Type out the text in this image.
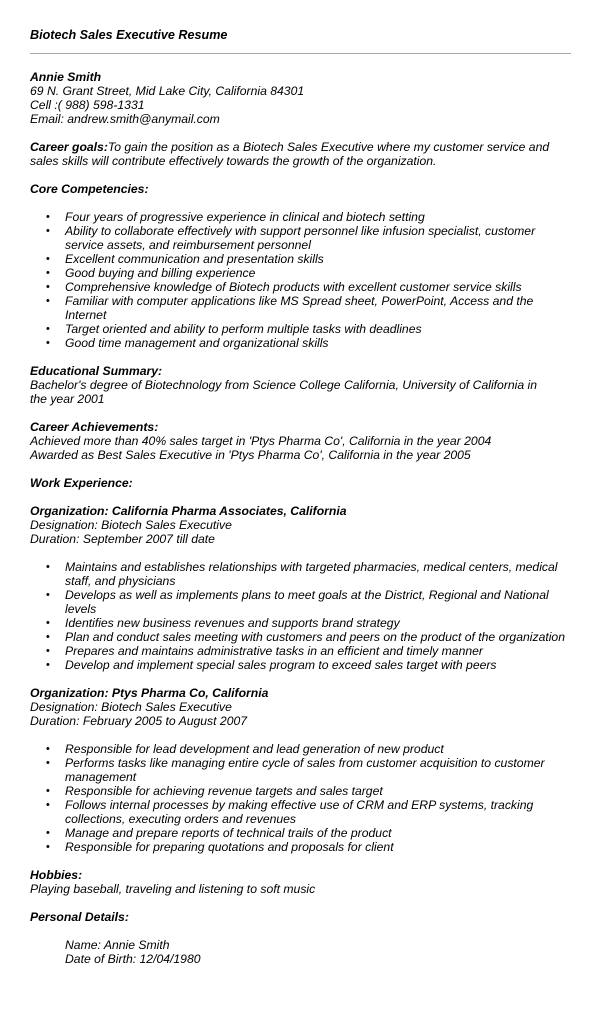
Biotech Sales Executive Resume
Annie Smith
69 N. Grant Street, Mid Lake City, California 84301
Cell :( 988) 598-1331
Email: andrew.smith@anymail.com
Career goals:To gain the position as a Biotech Sales Executive where my customer service and sales skills will contribute effectively towards the growth of the organization.
Core Competencies:
• Four years of progressive experience in clinical and biotech setting
• Ability to collaborate effectively with support personnel like infusion specialist, customer service assets, and reimbursement personnel
• Excellent communication and presentation skills
• Good buying and billing experience
• Comprehensive knowledge of Biotech products with excellent customer service skills
• Familiar with computer applications like MS Spread sheet, PowerPoint, Access and the Internet
• Target oriented and ability to perform multiple tasks with deadlines
• Good time management and organizational skills
Educational Summary:
Bachelor's degree of Biotechnology from Science College California, University of California in the year 2001
Career Achievements:
Achieved more than 40% sales target in 'Ptys Pharma Co', California in the year 2004
Awarded as Best Sales Executive in 'Ptys Pharma Co', California in the year 2005
Work Experience:
Organization: California Pharma Associates, California
Designation: Biotech Sales Executive
Duration: September 2007 till date
• Maintains and establishes relationships with targeted pharmacies, medical centers, medical staff, and physicians
• Develops as well as implements plans to meet goals at the District, Regional and National levels
• Identifies new business revenues and supports brand strategy
• Plan and conduct sales meeting with customers and peers on the product of the organization
• Prepares and maintains administrative tasks in an efficient and timely manner
• Develop and implement special sales program to exceed sales target with peers
Organization: Ptys Pharma Co, California
Designation: Biotech Sales Executive
Duration: February 2005 to August 2007
• Responsible for lead development and lead generation of new product
• Performs tasks like managing entire cycle of sales from customer acquisition to customer management
• Responsible for achieving revenue targets and sales target
• Follows internal processes by making effective use of CRM and ERP systems, tracking collections, executing orders and revenues
• Manage and prepare reports of technical trails of the product
• Responsible for preparing quotations and proposals for client
Hobbies:
Playing baseball, traveling and listening to soft music
Personal Details:
Name: Annie Smith
Date of Birth: 12/04/1980
